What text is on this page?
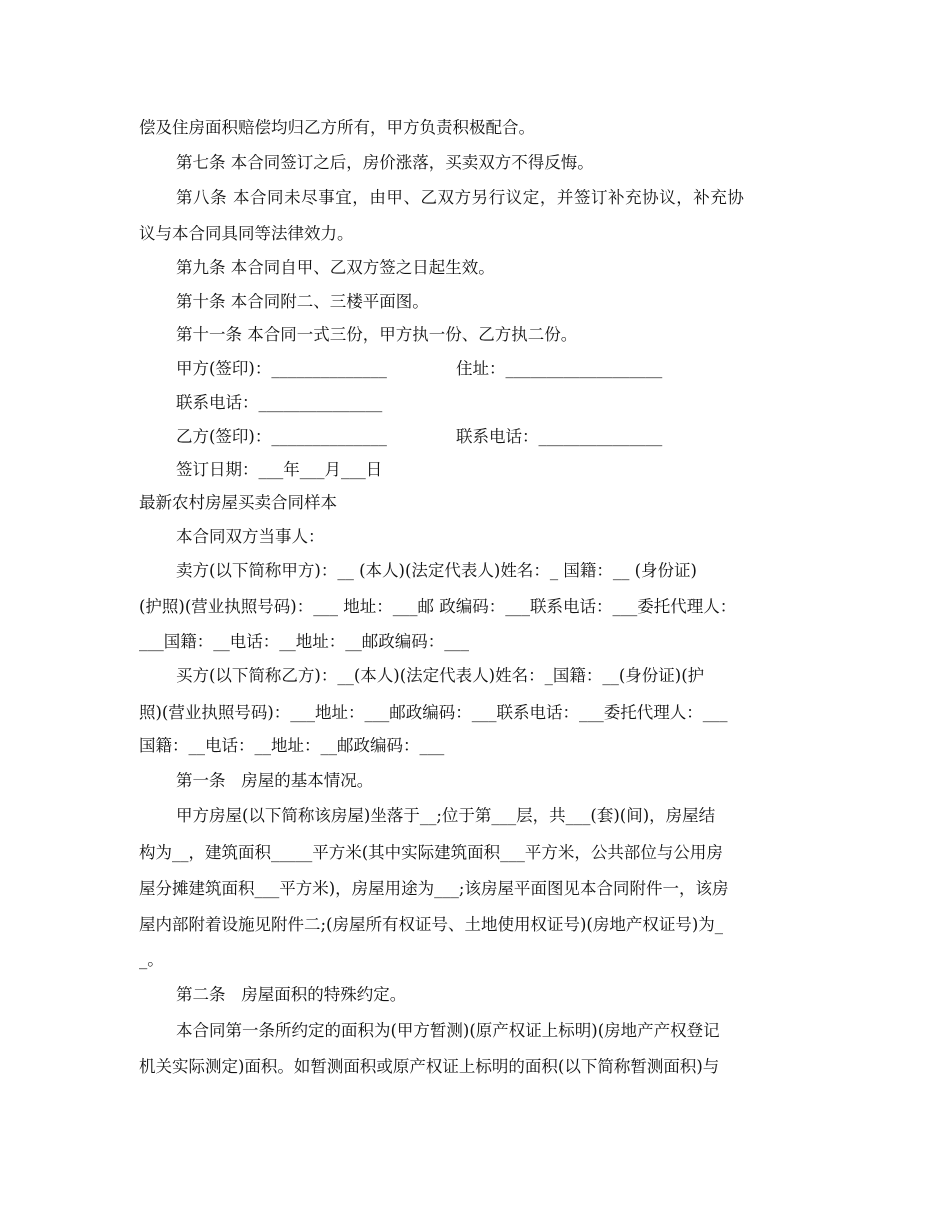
偿及住房面积赔偿均归乙方所有，甲方负责积极配合。
第七条 本合同签订之后，房价涨落，买卖双方不得反悔。
第八条 本合同未尽事宜，由甲、乙双方另行议定，并签订补充协议，补充协
议与本合同具同等法律效力。
第九条 本合同自甲、乙双方签之日起生效。
第十条 本合同附二、三楼平面图。
第十一条 本合同一式三份，甲方执一份、乙方执二份。
甲方(签印)：______________	住址：___________________
联系电话：_______________
乙方(签印)：______________	联系电话：_______________
签订日期：___年___月___日
最新农村房屋买卖合同样本
本合同双方当事人：
卖方(以下简称甲方)：__ (本人)(法定代表人)姓名：_ 国籍：__ (身份证)
(护照)(营业执照号码)：___ 地址：___邮 政编码：___联系电话：___委托代理人：
___国籍：__电话：__地址：__邮政编码：___
买方(以下简称乙方)：__(本人)(法定代表人)姓名：_国籍：__(身份证)(护
照)(营业执照号码)：___地址：___邮政编码：___联系电话：___委托代理人：___
国籍：__电话：__地址：__邮政编码：___
第一条   房屋的基本情况。
甲方房屋(以下简称该房屋)坐落于__;位于第___层，共___(套)(间)，房屋结
构为__，建筑面积_____平方米(其中实际建筑面积___平方米，公共部位与公用房
屋分摊建筑面积___平方米)，房屋用途为___;该房屋平面图见本合同附件一，该房
屋内部附着设施见附件二;(房屋所有权证号、土地使用权证号)(房地产权证号)为_
_。
第二条   房屋面积的特殊约定。
本合同第一条所约定的面积为(甲方暂测)(原产权证上标明)(房地产产权登记
机关实际测定)面积。如暂测面积或原产权证上标明的面积(以下简称暂测面积)与
